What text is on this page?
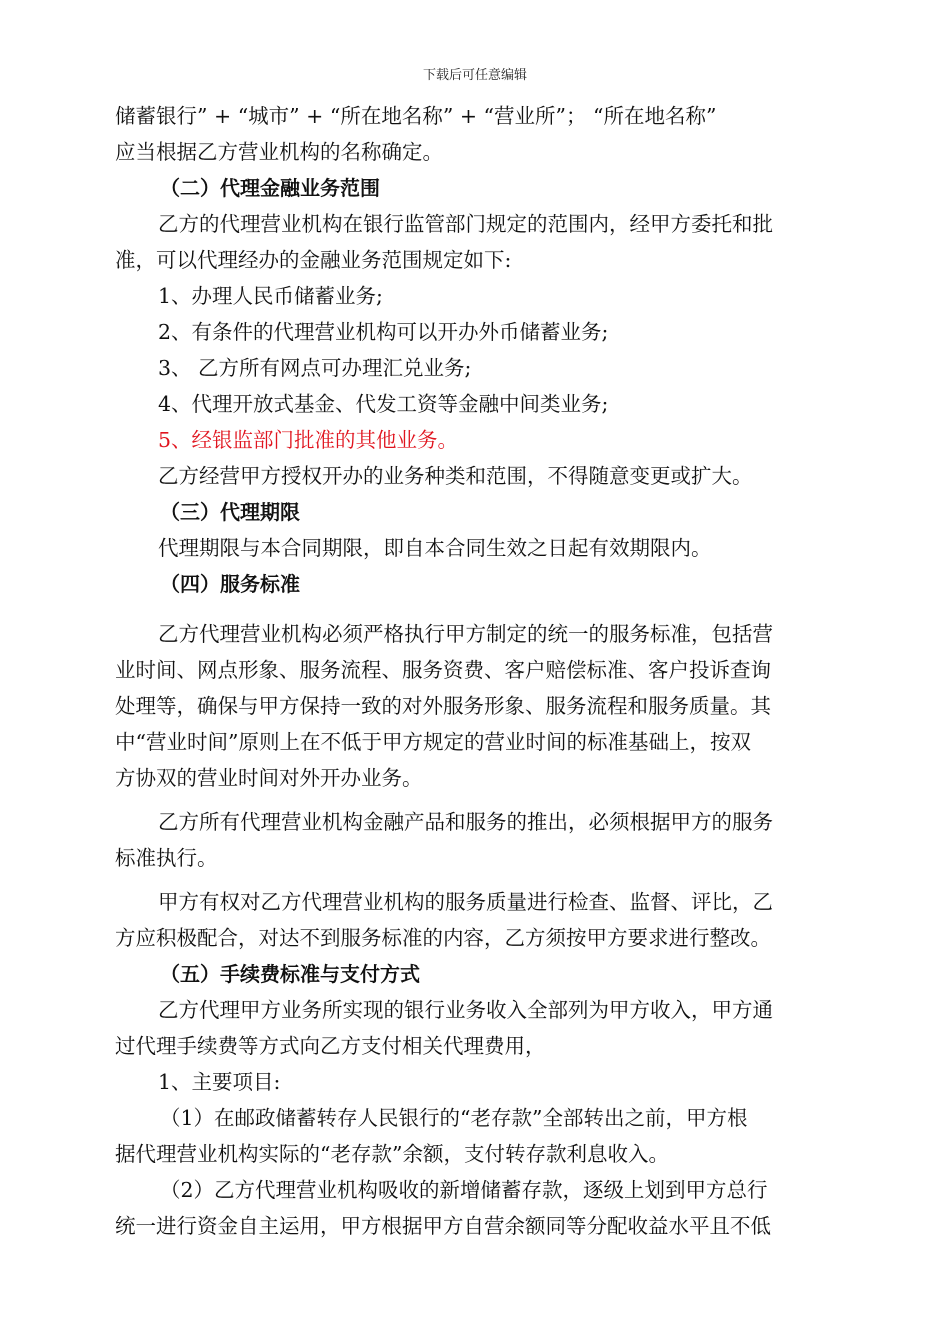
下载后可任意编辑
储蓄银行” + “城市” + “所在地名称” + “营业所”； “所在地名称”
应当根据乙方营业机构的名称确定。
（二）代理金融业务范围
乙方的代理营业机构在银行监管部门规定的范围内，经甲方委托和批
准，可以代理经办的金融业务范围规定如下:
1、办理人民币储蓄业务;
2、有条件的代理营业机构可以开办外币储蓄业务;
3、 乙方所有网点可办理汇兑业务;
4、代理开放式基金、代发工资等金融中间类业务;
5、经银监部门批准的其他业务。
乙方经营甲方授权开办的业务种类和范围，不得随意变更或扩大。
（三）代理期限
代理期限与本合同期限，即自本合同生效之日起有效期限内。
（四）服务标准
乙方代理营业机构必须严格执行甲方制定的统一的服务标准，包括营
业时间、网点形象、服务流程、服务资费、客户赔偿标准、客户投诉查询
处理等，确保与甲方保持一致的对外服务形象、服务流程和服务质量。其
中“营业时间”原则上在不低于甲方规定的营业时间的标准基础上，按双
方协双的营业时间对外开办业务。
乙方所有代理营业机构金融产品和服务的推出，必须根据甲方的服务
标准执行。
甲方有权对乙方代理营业机构的服务质量进行检查、监督、评比，乙
方应积极配合，对达不到服务标准的内容，乙方须按甲方要求进行整改。
（五）手续费标准与支付方式
乙方代理甲方业务所实现的银行业务收入全部列为甲方收入，甲方通
过代理手续费等方式向乙方支付相关代理费用，
1、主要项目:
（1）在邮政储蓄转存人民银行的“老存款”全部转出之前，甲方根
据代理营业机构实际的“老存款”余额，支付转存款利息收入。
（2）乙方代理营业机构吸收的新增储蓄存款，逐级上划到甲方总行
统一进行资金自主运用，甲方根据甲方自营余额同等分配收益水平且不低
